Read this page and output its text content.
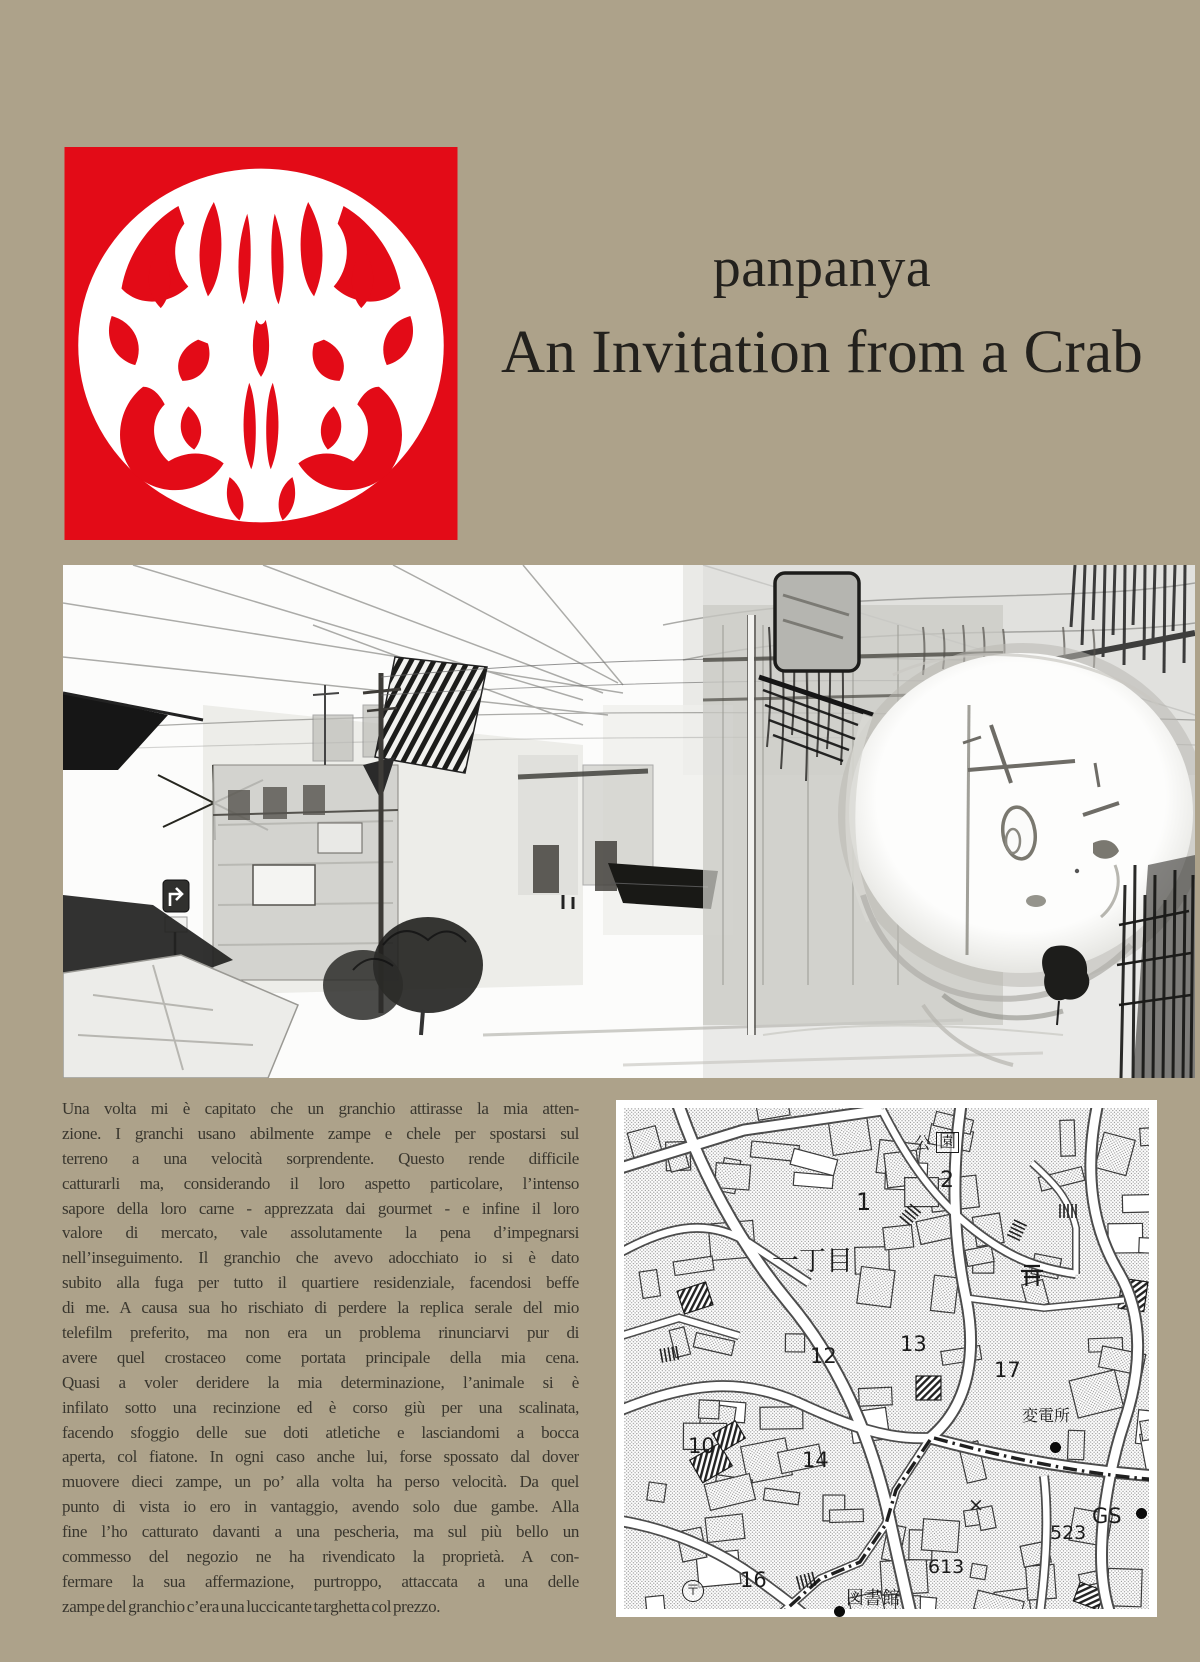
panpanya
An Invitation from a Crab
Una volta mi è capitato che un granchio attirasse la mia atten-
zione. I granchi usano abilmente zampe e chele per spostarsi sul
terreno a una velocità sorprendente. Questo rende difficile
catturarli ma, considerando il loro aspetto particolare, l’intenso
sapore della loro carne - apprezzata dai gourmet - e infine il loro
valore di mercato, vale assolutamente la pena d’impegnarsi
nell’inseguimento. Il granchio che avevo adocchiato io si è dato
subito alla fuga per tutto il quartiere residenziale, facendosi beffe
di me. A causa sua ho rischiato di perdere la replica serale del mio
telefilm preferito, ma non era un problema rinunciarvi pur di
avere quel crostaceo come portata principale della mia cena.
Quasi a voler deridere la mia determinazione, l’animale si è
infilato sotto una recinzione ed è corso giù per una scalinata,
facendo sfoggio delle sue doti atletiche e lasciandomi a bocca
aperta, col fiatone. In ogni caso anche lui, forse spossato dal dover
muovere dieci zampe, un po’ alla volta ha perso velocità. Da quel
punto di vista io ero in vantaggio, avendo solo due gambe. Alla
fine l’ho catturato davanti a una pescheria, ma sul più bello un
commesso del negozio ne ha rivendicato la proprietà. A con-
fermare la sua affermazione, purtroppo, attaccata a una delle
zampe del granchio c’era una luccicante targhetta col prezzo.
公 園
2
1
一丁目
13
12
17
10
14
変電所
×
523
GS
16
〒	図書館
613
